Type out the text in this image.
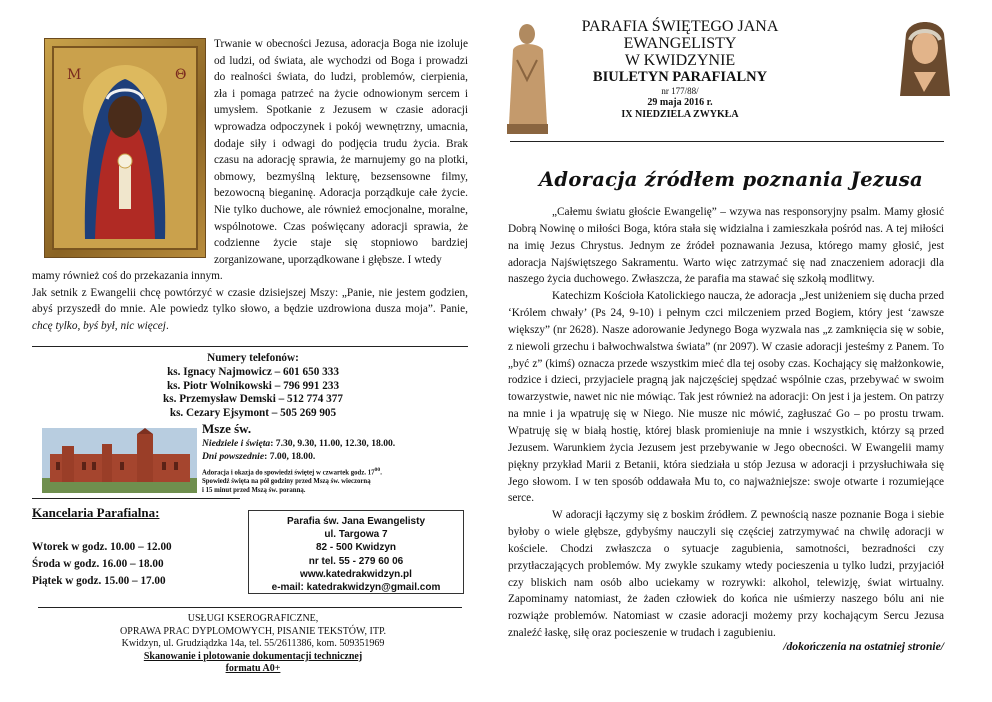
M	Θ

Trwanie w obecności Jezusa, adoracja Boga nie izoluje od ludzi, od świata, ale wychodzi od Boga i prowadzi do realności świata, do ludzi, problemów, cierpienia, zła i pomaga patrzeć na życie odnowionym sercem i umysłem. Spotkanie z Jezusem w czasie adoracji wprowadza odpoczynek i pokój wewnętrzny, umacnia, dodaje siły i odwagi do podjęcia trudu życia. Brak czasu na adorację sprawia, że marnujemy go na plotki, obmowy, bezmyślną lekturę, bezsensowne filmy, bezowocną bieganinę. Adoracja porządkuje całe życie. Nie tylko duchowe, ale również emocjonalne, moralne, wspólnotowe. Czas poświęcany adoracji sprawia, że codzienne życie staje się stopniowo bardziej zorganizowane, uporządkowane i głębsze. I wtedy

mamy również coś do przekazania innym.
Jak setnik z Ewangelii chcę powtórzyć w czasie dzisiejszej Mszy: „Panie, nie jestem godzien, abyś przyszedł do mnie. Ale powiedz tylko słowo, a będzie uzdrowiona dusza moja”. Panie, chcę tylko, byś był, nic więcej.
Numery telefonów:
ks. Ignacy Najmowicz – 601 650 333
ks. Piotr Wolnikowski – 796 991 233
ks. Przemysław Demski – 512 774 377
ks. Cezary Ejsymont – 505 269 905
Msze św.
Niedziele i święta: 7.30, 9.30, 11.00, 12.30, 18.00.
Dni powszednie: 7.00, 18.00.
Adoracja i okazja do spowiedzi świętej w czwartek godz. $17^{00}$.
Spowiedź święta na pół godziny przed Mszą św. wieczorną
i 15 minut przed Mszą św. poranną.
Kancelaria Parafialna:
Wtorek w godz. 10.00 – 12.00
Środa w godz. 16.00 – 18.00
Piątek w godz. 15.00 – 17.00
Parafia św. Jana Ewangelisty
ul. Targowa 7
82 - 500 Kwidzyn
nr tel. 55 - 279 60 06
www.katedrakwidzyn.pl
e-mail: katedrakwidzyn@gmail.com
USŁUGI KSEROGRAFICZNE,
OPRAWA PRAC DYPLOMOWYCH, PISANIE TEKSTÓW, ITP.
Kwidzyn, ul. Grudziądzka 14a, tel. 55/2611386, kom. 509351969
Skanowanie i plotowanie dokumentacji technicznej
formatu A0+
PARAFIA ŚWIĘTEGO JANA EWANGELISTY
W KWIDZYNIE
BIULETYN PARAFIALNY
nr 177/88/
29 maja 2016 r.
IX NIEDZIELA ZWYKŁA
Adoracja źródłem poznania Jezusa

„Całemu światu głoście Ewangelię” – wzywa nas responsoryjny psalm. Mamy głosić Dobrą Nowinę o miłości Boga, która stała się widzialna i zamieszkała pośród nas. A tej miłości na imię Jezus Chrystus. Jednym ze źródeł poznawania Jezusa, którego mamy głosić, jest adoracja Najświętszego Sakramentu. Warto więc zatrzymać się nad znaczeniem adoracji dla naszego życia duchowego. Zwłaszcza, że parafia ma stawać się szkołą modlitwy.

Katechizm Kościoła Katolickiego naucza, że adoracja „Jest uniżeniem się ducha przed ‘Królem chwały’ (Ps 24, 9-10) i pełnym czci milczeniem przed Bogiem, który jest ‘zawsze większy” (nr 2628). Nasze adorowanie Jedynego Boga wyzwala nas „z zamknięcia się w sobie, z niewoli grzechu i bałwochwalstwa świata” (nr 2097). W czasie adoracji jesteśmy z Panem. To „być z” (kimś) oznacza przede wszystkim mieć dla tej osoby czas. Kochający się małżonkowie, rodzice i dzieci, przyjaciele pragną jak najczęściej spędzać wspólnie czas, przebywać w swoim towarzystwie, nawet nic nie mówiąc. Tak jest również na adoracji: On jest i ja jestem. On patrzy na mnie i ja wpatruję się w Niego. Nie musze nic mówić, zagłuszać Go – po prostu trwam. Wpatruję się w białą hostię, której blask promieniuje na mnie i wszystkich, którzy są przed Jezusem. Warunkiem życia Jezusem jest przebywanie w Jego obecności. W Ewangelii mamy piękny przykład Marii z Betanii, która siedziała u stóp Jezusa w adoracji i przysłuchiwała się Jego słowom. I w ten sposób oddawała Mu to, co najważniejsze: swoje otwarte i rozumiejące serce.

W adoracji łączymy się z boskim źródłem. Z pewnością nasze poznanie Boga i siebie byłoby o wiele głębsze, gdybyśmy nauczyli się częściej zatrzymywać na chwilę adoracji w kościele. Chodzi zwłaszcza o sytuacje zagubienia, samotności, bezradności czy przytłaczających problemów. My zwykle szukamy wtedy pocieszenia u tylko ludzi, przyjaciół czy bliskich nam osób albo uciekamy w rozrywki: alkohol, telewizję, świat wirtualny. Zapominamy natomiast, że żaden człowiek do końca nie uśmierzy naszego bólu ani nie rozwiąże problemów. Natomiast w czasie adoracji możemy przy kochającym Sercu Jezusa znaleźć łaskę, siłę oraz pocieszenie w trudach i zagubieniu.

/dokończenia na ostatniej stronie/
